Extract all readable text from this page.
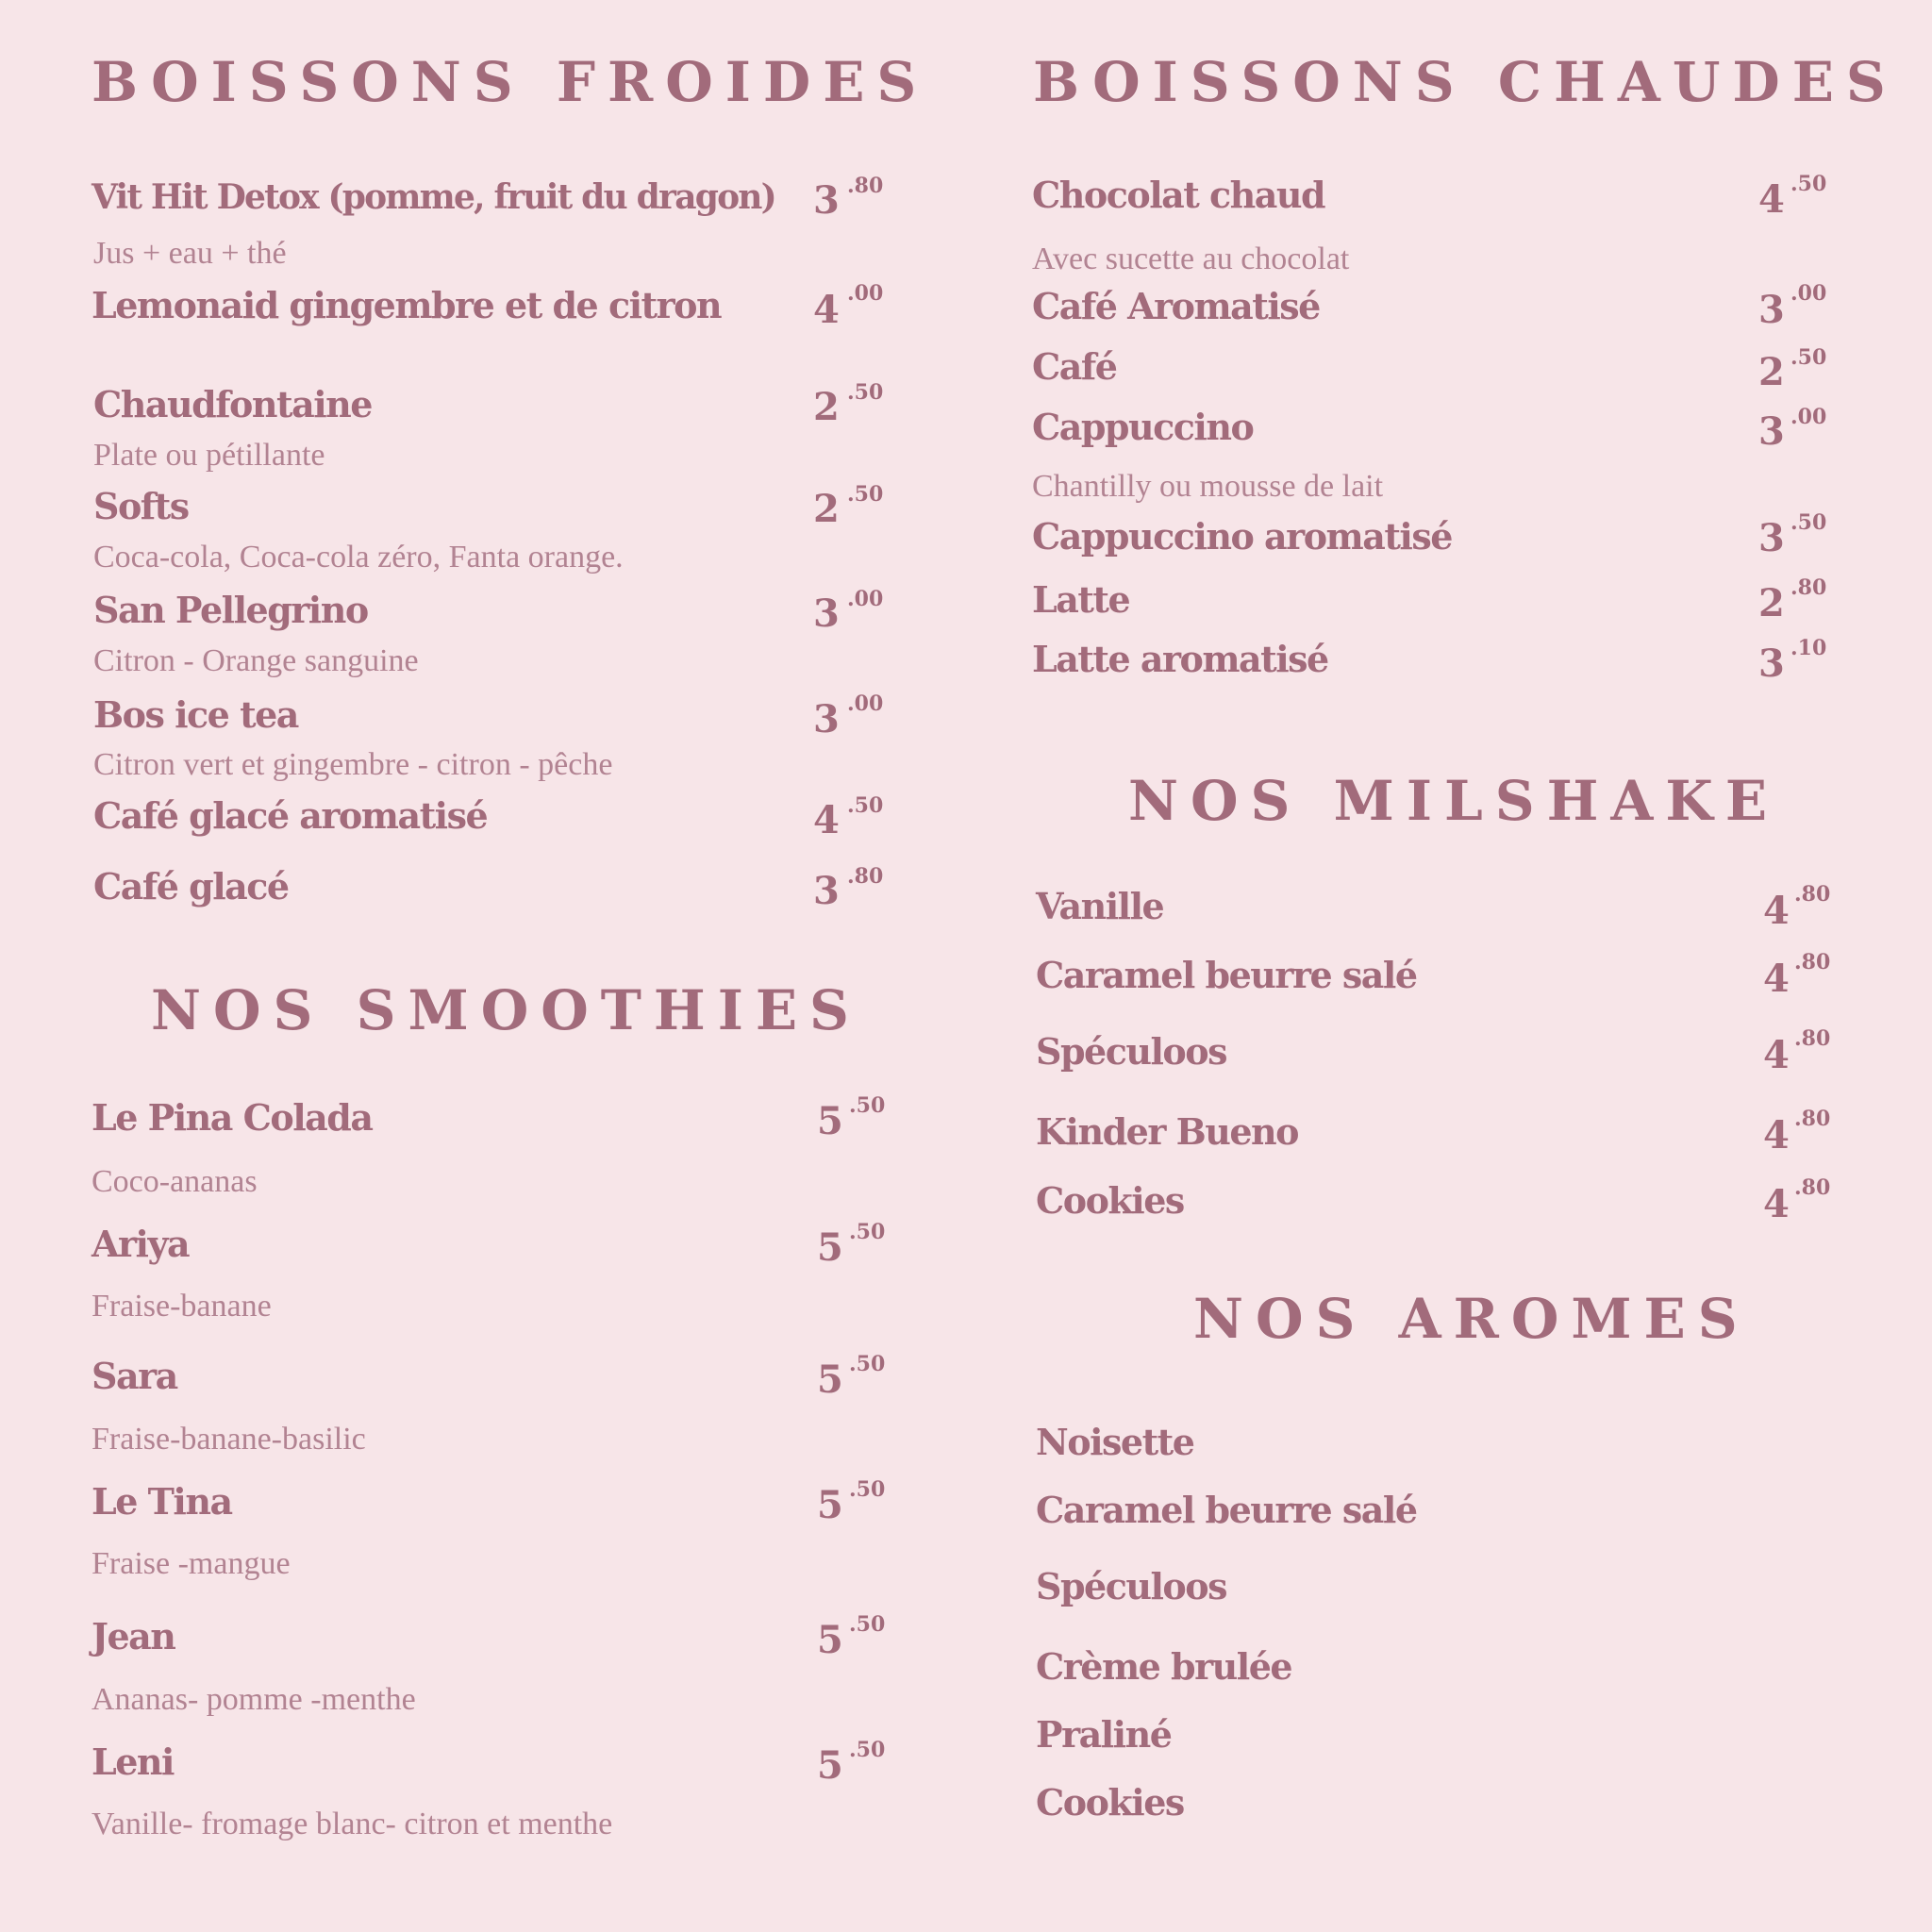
BOISSONS FROIDES
Vit Hit Detox (pomme, fruit du dragon) 3 .80
Jus + eau + thé
Lemonaid gingembre et de citron 4 .00
Chaudfontaine	2 .50
Plate ou pétillante
Softs	2 .50
Coca-cola, Coca-cola zéro, Fanta orange.
San Pellegrino	3 .00
Citron - Orange sanguine
Bos ice tea	3 .00
Citron vert et gingembre - citron - pêche
Café glacé aromatisé	4 .50
Café glacé	3 .80
NOS SMOOTHIES
Le Pina Colada	5 .50
Coco-ananas
Ariya	5 .50
Fraise-banane
Sara	5 .50
Fraise-banane-basilic
Le Tina	5 .50
Fraise -mangue
Jean	5 .50
Ananas- pomme -menthe
Leni	5 .50
Vanille- fromage blanc- citron et menthe
BOISSONS CHAUDES
Chocolat chaud	4 .50
Avec sucette au chocolat
Café Aromatisé	3 .00
Café	2 .50
Cappuccino	3 .00
Chantilly ou mousse de lait
Cappuccino aromatisé	3 .50
Latte	2 .80
Latte aromatisé	3 .10
NOS MILSHAKE
Vanille	4 .80
Caramel beurre salé	4 .80
Spéculoos	4 .80
Kinder Bueno	4 .80
Cookies	4 .80
NOS AROMES
Noisette
Caramel beurre salé
Spéculoos
Crème brulée
Praliné
Cookies
